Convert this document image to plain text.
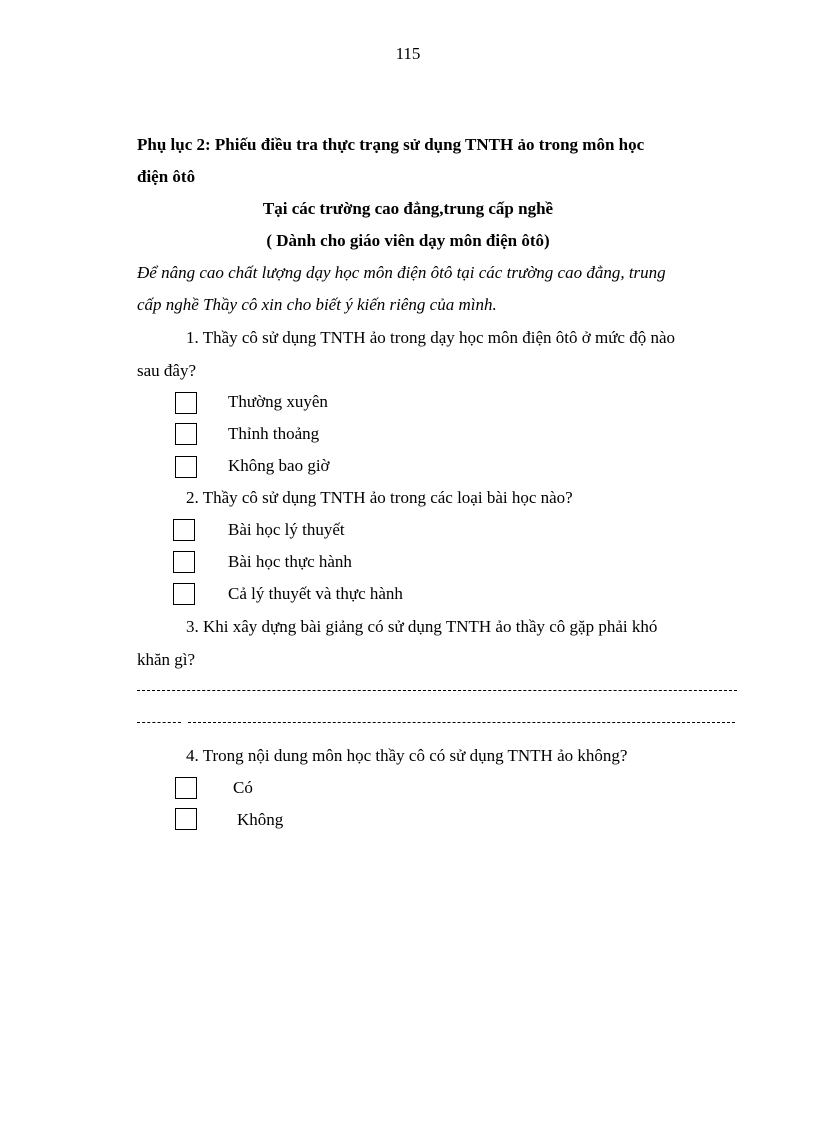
115
Phụ lục 2: Phiếu điều tra thực trạng sử dụng TNTH ảo trong môn học
điện ôtô
Tại các trường cao đẳng,trung cấp nghề
( Dành cho giáo viên dạy môn điện ôtô)
Để nâng cao chất lượng dạy học môn điện ôtô tại các trường cao đẳng, trung
cấp nghề Thầy cô xin cho biết ý kiến riêng của mình.
1. Thầy cô sử dụng TNTH ảo trong dạy học môn điện ôtô ở mức độ nào
sau đây?
Thường xuyên
Thỉnh thoảng
Không bao giờ
2. Thầy cô sử dụng TNTH ảo trong các loại bài học nào?
Bài học lý thuyết
Bài học thực hành
Cả lý thuyết và thực hành
3. Khi xây dựng bài giảng có sử dụng TNTH ảo thầy cô gặp phải khó
khăn gì?
4. Trong nội dung môn học thầy cô có sử dụng TNTH ảo không?
Có
Không
